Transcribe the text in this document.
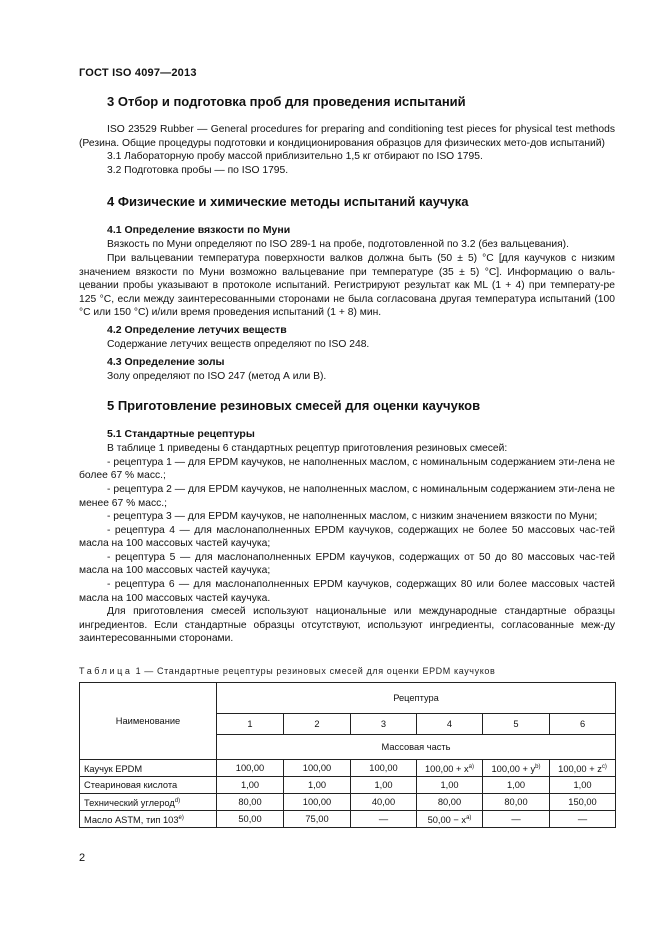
ГОСТ ISO 4097—2013
3 Отбор и подготовка проб для проведения испытаний

ISO 23529 Rubber — General procedures for preparing and conditioning test pieces for physical test methods (Резина. Общие процедуры подготовки и кондиционирования образцов для физических мето-дов испытаний)

3.1 Лабораторную пробу массой приблизительно 1,5 кг отбирают по ISO 1795.

3.2 Подготовка пробы — по ISO 1795.

4 Физические и химические методы испытаний каучука
4.1 Определение вязкости по Муни

Вязкость по Муни определяют по ISO 289-1 на пробе, подготовленной по 3.2 (без вальцевания).

При вальцевании температура поверхности валков должна быть (50 ± 5) °С [для каучуков с низким значением вязкости по Муни возможно вальцевание при температуре (35 ± 5) °С]. Информацию о валь-цевании пробы указывают в протоколе испытаний. Регистрируют результат как ML (1 + 4) при температу-ре 125 °С, если между заинтересованными сторонами не была согласована другая температура испытаний (100 °С или 150 °С) и/или время проведения испытаний (1 + 8) мин.

4.2 Определение летучих веществ

Содержание летучих веществ определяют по ISO 248.

4.3 Определение золы

Золу определяют по ISO 247 (метод А или В).

5 Приготовление резиновых смесей для оценки каучуков
5.1 Стандартные рецептуры

В таблице 1 приведены 6 стандартных рецептур приготовления резиновых смесей:

- рецептура 1 — для EPDM каучуков, не наполненных маслом, с номинальным содержанием эти-лена не более 67 % масс.;

- рецептура 2 — для EPDM каучуков, не наполненных маслом, с номинальным содержанием эти-лена не менее 67 % масс.;

- рецептура 3 — для EPDM каучуков, не наполненных маслом, с низким значением вязкости по Муни;

- рецептура 4 — для маслонаполненных EPDM каучуков, содержащих не более 50 массовых час-тей масла на 100 массовых частей каучука;

- рецептура 5 — для маслонаполненных EPDM каучуков, содержащих от 50 до 80 массовых час-тей масла на 100 массовых частей каучука;

- рецептура 6 — для маслонаполненных EPDM каучуков, содержащих 80 или более массовых частей масла на 100 массовых частей каучука.

Для приготовления смесей используют национальные или международные стандартные образцы ингредиентов. Если стандартные образцы отсутствуют, используют ингредиенты, согласованные меж-ду заинтересованными сторонами.

Таблица 1 — Стандартные рецептуры резиновых смесей для оценки EPDM каучуков
Наименование	Рецептура					
	1	2	3	4	5	6
	Массовая часть					
Каучук EPDM	100,00	100,00	100,00	$100,00 + x^{a)}$	$100,00 + y^{b)}$	$100,00 + z^{c)}$
Стеариновая кислота	1,00	1,00	1,00	1,00	1,00	1,00
Технический углерод$^{d)}$	80,00	100,00	40,00	80,00	80,00	150,00
Масло ASTM, тип 103$^{e)}$	50,00	75,00	—	$50,00 - x^{a)}$	—	—
2
